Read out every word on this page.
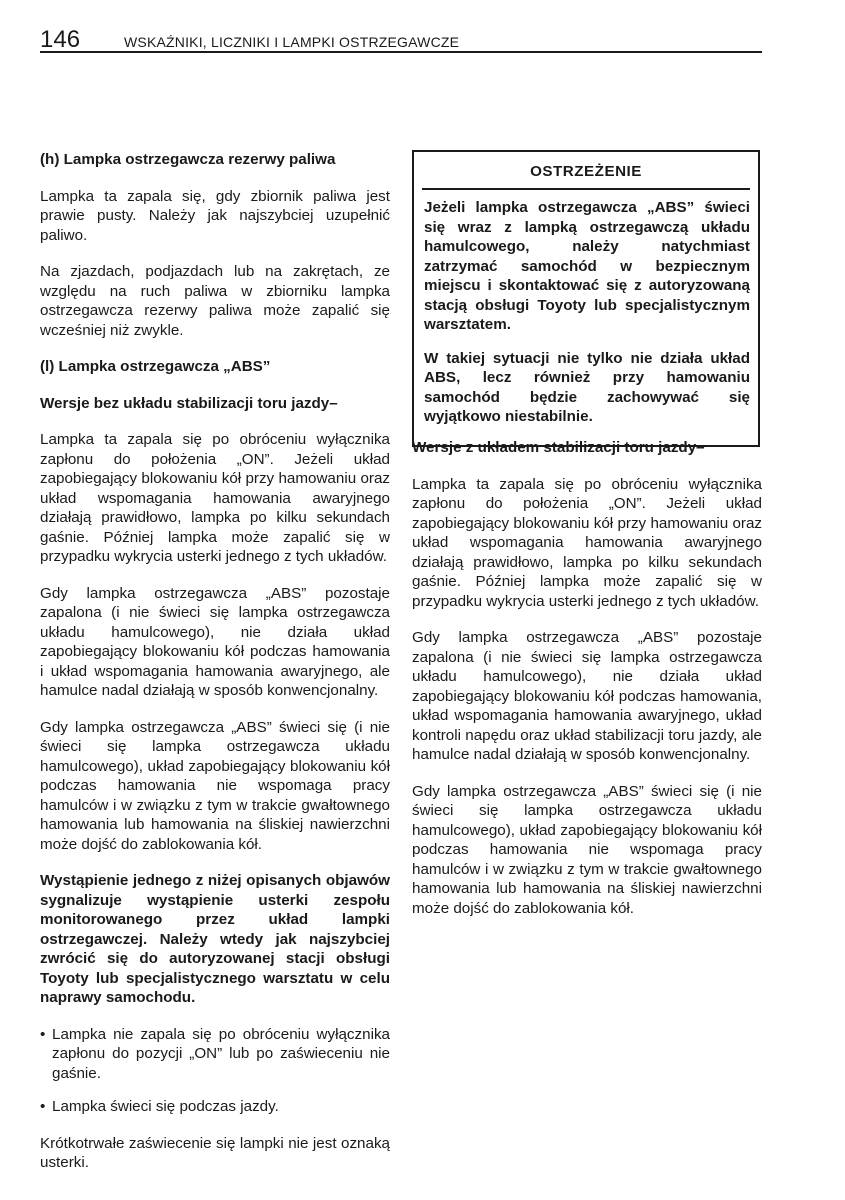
146	WSKAŹNIKI, LICZNIKI I LAMPKI OSTRZEGAWCZE

(h) Lampka ostrzegawcza rezerwy paliwa

Lampka ta zapala się, gdy zbiornik paliwa jest prawie pusty. Należy jak najszybciej uzupełnić paliwo.

Na zjazdach, podjazdach lub na zakrętach, ze względu na ruch paliwa w zbiorniku lampka ostrzegawcza rezerwy paliwa może zapalić się wcześniej niż zwykle.

(l) Lampka ostrzegawcza „ABS”

Wersje bez układu stabilizacji toru jazdy–

Lampka ta zapala się po obróceniu wyłącznika zapłonu do położenia „ON”. Jeżeli układ zapobiegający blokowaniu kół przy hamowaniu oraz układ wspomagania hamowania awaryjnego działają prawidłowo, lampka po kilku sekundach gaśnie. Później lampka może zapalić się w przypadku wykrycia usterki jednego z tych układów.

Gdy lampka ostrzegawcza „ABS” pozostaje zapalona (i nie świeci się lampka ostrzegawcza układu hamulcowego), nie działa układ zapobiegający blokowaniu kół podczas hamowania i układ wspomagania hamowania awaryjnego, ale hamulce nadal działają w sposób konwencjonalny.

Gdy lampka ostrzegawcza „ABS” świeci się (i nie świeci się lampka ostrzegawcza układu hamulcowego), układ zapobiegający blokowaniu kół podczas hamowania nie wspomaga pracy hamulców i w związku z tym w trakcie gwałtownego hamowania lub hamowania na śliskiej nawierzchni może dojść do zablokowania kół.

Wystąpienie jednego z niżej opisanych objawów sygnalizuje wystąpienie usterki zespołu monitorowanego przez układ lampki ostrzegawczej. Należy wtedy jak najszybciej zwrócić się do autoryzowanej stacji obsługi Toyoty lub specjalistycznego warsztatu w celu naprawy samochodu.

• Lampka nie zapala się po obróceniu wyłącznika zapłonu do pozycji „ON” lub po zaświeceniu nie gaśnie.
• Lampka świeci się podczas jazdy.

Krótkotrwałe zaświecenie się lampki nie jest oznaką usterki.

OSTRZEŻENIE

Jeżeli lampka ostrzegawcza „ABS” świeci się wraz z lampką ostrzegawczą układu hamulcowego, należy natychmiast zatrzymać samochód w bezpiecznym miejscu i skontaktować się z autoryzowaną stacją obsługi Toyoty lub specjalistycznym warsztatem.

W takiej sytuacji nie tylko nie działa układ ABS, lecz również przy hamowaniu samochód będzie zachowywać się wyjątkowo niestabilnie.

Wersje z układem stabilizacji toru jazdy–

Lampka ta zapala się po obróceniu wyłącznika zapłonu do położenia „ON”. Jeżeli układ zapobiegający blokowaniu kół przy hamowaniu oraz układ wspomagania hamowania awaryjnego działają prawidłowo, lampka po kilku sekundach gaśnie. Później lampka może zapalić się w przypadku wykrycia usterki jednego z tych układów.

Gdy lampka ostrzegawcza „ABS” pozostaje zapalona (i nie świeci się lampka ostrzegawcza układu hamulcowego), nie działa układ zapobiegający blokowaniu kół podczas hamowania, układ wspomagania hamowania awaryjnego, układ kontroli napędu oraz układ stabilizacji toru jazdy, ale hamulce nadal działają w sposób konwencjonalny.

Gdy lampka ostrzegawcza „ABS” świeci się (i nie świeci się lampka ostrzegawcza układu hamulcowego), układ zapobiegający blokowaniu kół podczas hamowania nie wspomaga pracy hamulców i w związku z tym w trakcie gwałtownego hamowania lub hamowania na śliskiej nawierzchni może dojść do zablokowania kół.
